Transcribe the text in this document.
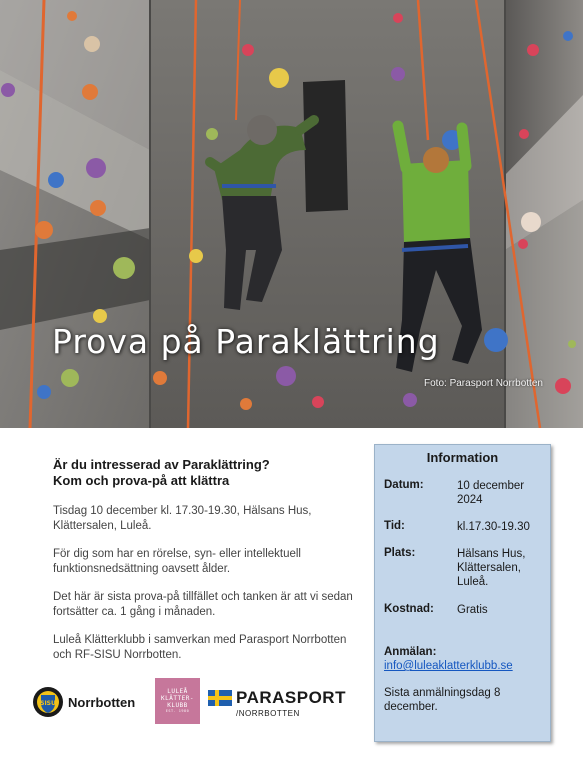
Prova på Paraklättring
Foto: Parasport Norrbotten
Är du intresserad av Paraklättring?
Kom och prova-på att klättra

Tisdag 10 december kl. 17.30-19.30, Hälsans Hus, Klättersalen, Luleå.

För dig som har en rörelse, syn- eller intellektuell funktionsnedsättning oavsett ålder.

Det här är sista prova-på tillfället och tanken är att vi sedan fortsätter ca. 1 gång i månaden.

Luleå Klätterklubb i samverkan med Parasport Norrbotten och RF-SISU Norrbotten.

SISU Norrbotten
LULEÅ
KLÄTTER-
KLUBB
EST. 1980
PARASPORT
/NORRBOTTEN
Information
Datum:	10 december 2024
Tid:	kl.17.30-19.30
Plats:	Hälsans Hus, Klättersalen, Luleå.
Kostnad: Gratis
Anmälan:
info@luleaklatterklubb.se
Sista anmälningsdag 8 december.
